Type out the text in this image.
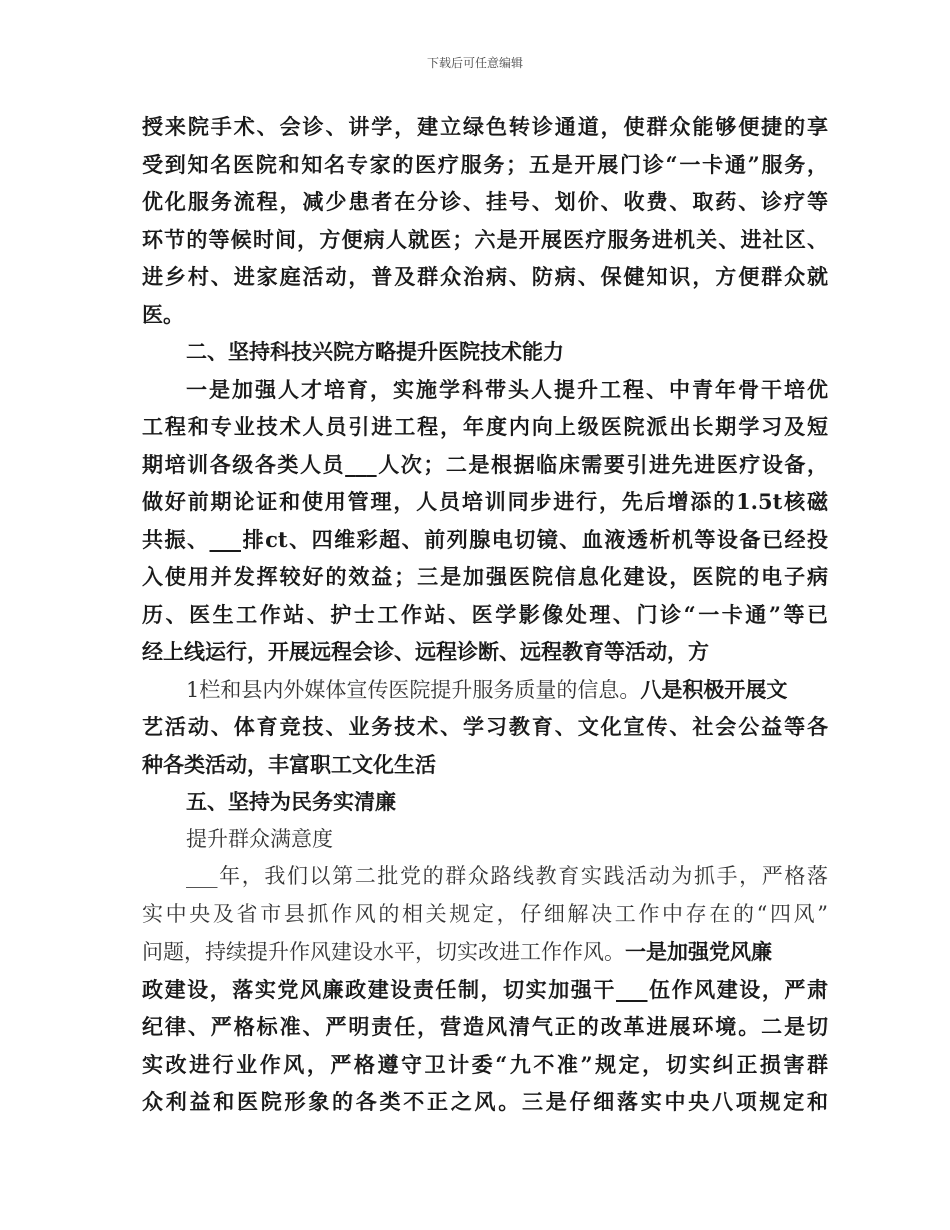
下载后可任意编辑
授来院手术、会诊、讲学，建立绿色转诊通道，使群众能够便捷的享
受到知名医院和知名专家的医疗服务；五是开展门诊“一卡通”服务，
优化服务流程，减少患者在分诊、挂号、划价、收费、取药、诊疗等
环节的等候时间，方便病人就医；六是开展医疗服务进机关、进社区、
进乡村、进家庭活动，普及群众治病、防病、保健知识，方便群众就
医。
二、坚持科技兴院方略提升医院技术能力
一是加强人才培育，实施学科带头人提升工程、中青年骨干培优
工程和专业技术人员引进工程，年度内向上级医院派出长期学习及短
期培训各级各类人员___人次；二是根据临床需要引进先进医疗设备，
做好前期论证和使用管理，人员培训同步进行，先后增添的1.5t核磁
共振、___排ct、四维彩超、前列腺电切镜、血液透析机等设备已经投
入使用并发挥较好的效益；三是加强医院信息化建设，医院的电子病
历、医生工作站、护士工作站、医学影像处理、门诊“一卡通”等已
经上线运行，开展远程会诊、远程诊断、远程教育等活动，方
1栏和县内外媒体宣传医院提升服务质量的信息。八是积极开展文
艺活动、体育竞技、业务技术、学习教育、文化宣传、社会公益等各
种各类活动，丰富职工文化生活
五、坚持为民务实清廉
提升群众满意度
___年，我们以第二批党的群众路线教育实践活动为抓手，严格落
实中央及省市县抓作风的相关规定，仔细解决工作中存在的“四风”
问题，持续提升作风建设水平，切实改进工作作风。一是加强党风廉
政建设，落实党风廉政建设责任制，切实加强干___伍作风建设，严肃
纪律、严格标准、严明责任，营造风清气正的改革进展环境。二是切
实改进行业作风，严格遵守卫计委“九不准”规定，切实纠正损害群
众利益和医院形象的各类不正之风。三是仔细落实中央八项规定和
